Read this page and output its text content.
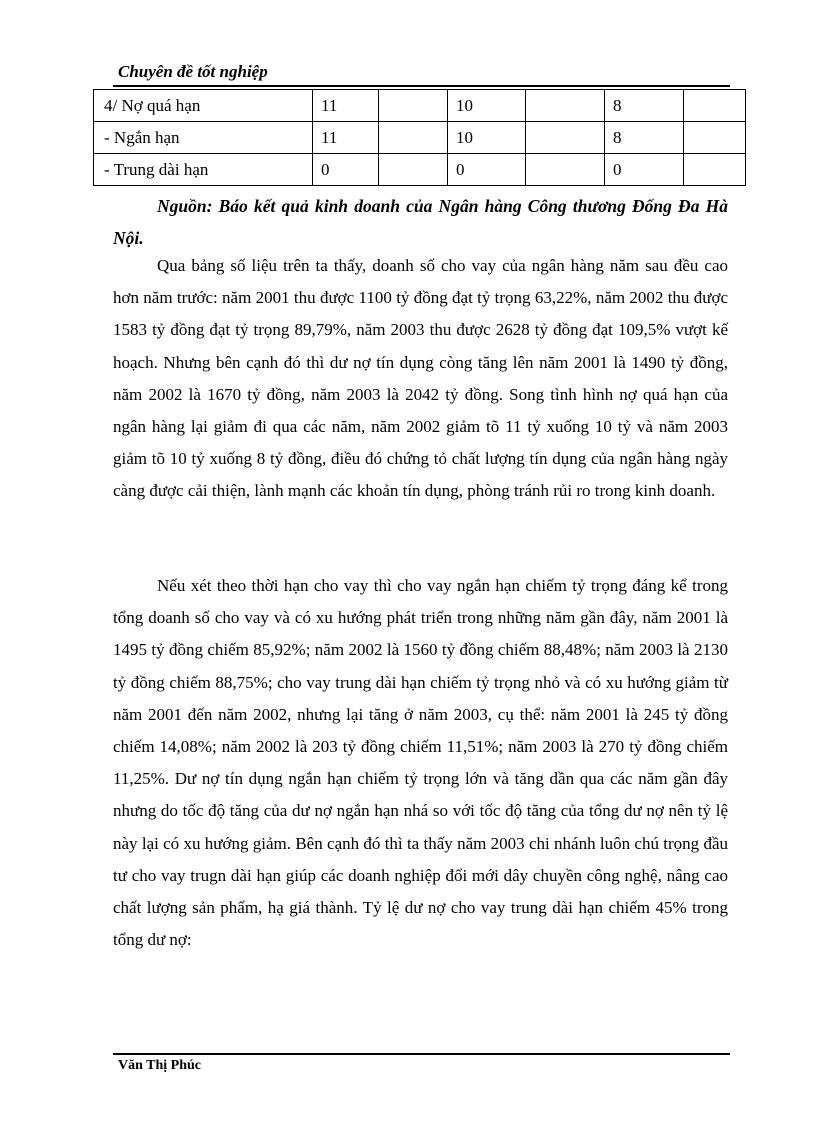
Chuyên đề tốt nghiệp
4/ Nợ quá hạn	11		10		8	
- Ngắn hạn	11		10		8	
- Trung dài hạn	0		0		0	
Nguồn: Báo kết quả kinh doanh của Ngân hàng Công thương Đống Đa Hà Nội.

Qua bảng số liệu trên ta thấy, doanh số cho vay của ngân hàng năm sau đều cao hơn năm trước: năm 2001 thu được 1100 tỷ đồng đạt tỷ trọng 63,22%, năm 2002 thu được 1583 tỷ đồng đạt tỷ trọng 89,79%, năm 2003 thu được 2628 tỷ đồng đạt 109,5% vượt kế hoạch. Nhưng bên cạnh đó thì dư nợ tín dụng còng tăng lên năm 2001 là 1490 tỷ đồng, năm 2002 là 1670 tỷ đồng, năm 2003 là 2042 tỷ đồng. Song tình hình nợ quá hạn của ngân hàng lại giảm đi qua các năm, năm 2002 giảm tõ 11 tỷ xuống 10 tỷ và năm 2003 giảm tõ 10 tỷ xuống 8 tỷ đồng, điều đó chứng tỏ chất lượng tín dụng của ngân hàng ngày càng được cải thiện, lành mạnh các khoản tín dụng, phòng tránh rủi ro trong kinh doanh.

Nếu xét theo thời hạn cho vay thì cho vay ngắn hạn chiếm tỷ trọng đáng kể trong tổng doanh số cho vay và có xu hướng phát triển trong những năm gần đây, năm 2001 là 1495 tỷ đồng chiếm 85,92%; năm 2002 là 1560 tỷ đồng chiếm 88,48%; năm 2003 là 2130 tỷ đồng chiếm 88,75%; cho vay trung dài hạn chiếm tỷ trọng nhỏ và có xu hướng giảm từ năm 2001 đến năm 2002, nhưng lại tăng ở năm 2003, cụ thể: năm 2001 là 245 tỷ đồng chiếm 14,08%; năm 2002 là 203 tỷ đồng chiếm 11,51%; năm 2003 là 270 tỷ đồng chiếm 11,25%. Dư nợ tín dụng ngắn hạn chiếm tỷ trọng lớn và tăng dần qua các năm gần đây nhưng do tốc độ tăng của dư nợ ngắn hạn nhá so với tốc độ tăng của tổng dư nợ nên tỷ lệ này lại có xu hướng giảm. Bên cạnh đó thì ta thấy năm 2003 chi nhánh luôn chú trọng đầu tư cho vay trugn dài hạn giúp các doanh nghiệp đổi mới dây chuyền công nghệ, nâng cao chất lượng sản phẩm, hạ giá thành. Tỷ lệ dư nợ cho vay trung dài hạn chiếm 45% trong tổng dư nợ:

Văn Thị Phúc
